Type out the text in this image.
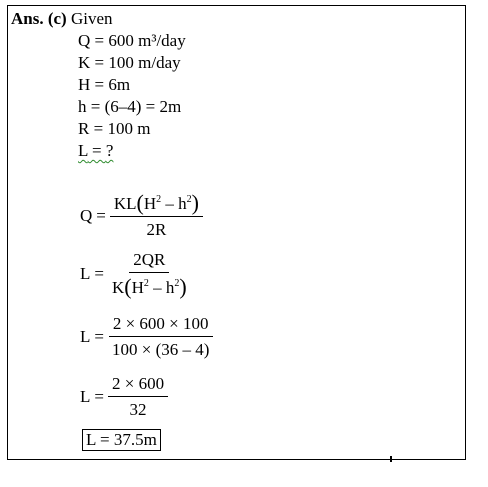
Ans. (c) Given
Q = 600 m³/day
K = 100 m/day
H = 6m
h = (6–4) = 2m
R = 100 m
L = ?
$Q = \frac{KL(H^2 - h^2)}{2R}$
$L = \frac{2QR}{K(H^2 - h^2)}$
$L = \frac{2 \times 600 \times 100}{100 \times (36 - 4)}$
$L = \frac{2 \times 600}{32}$
L = 37.5m
